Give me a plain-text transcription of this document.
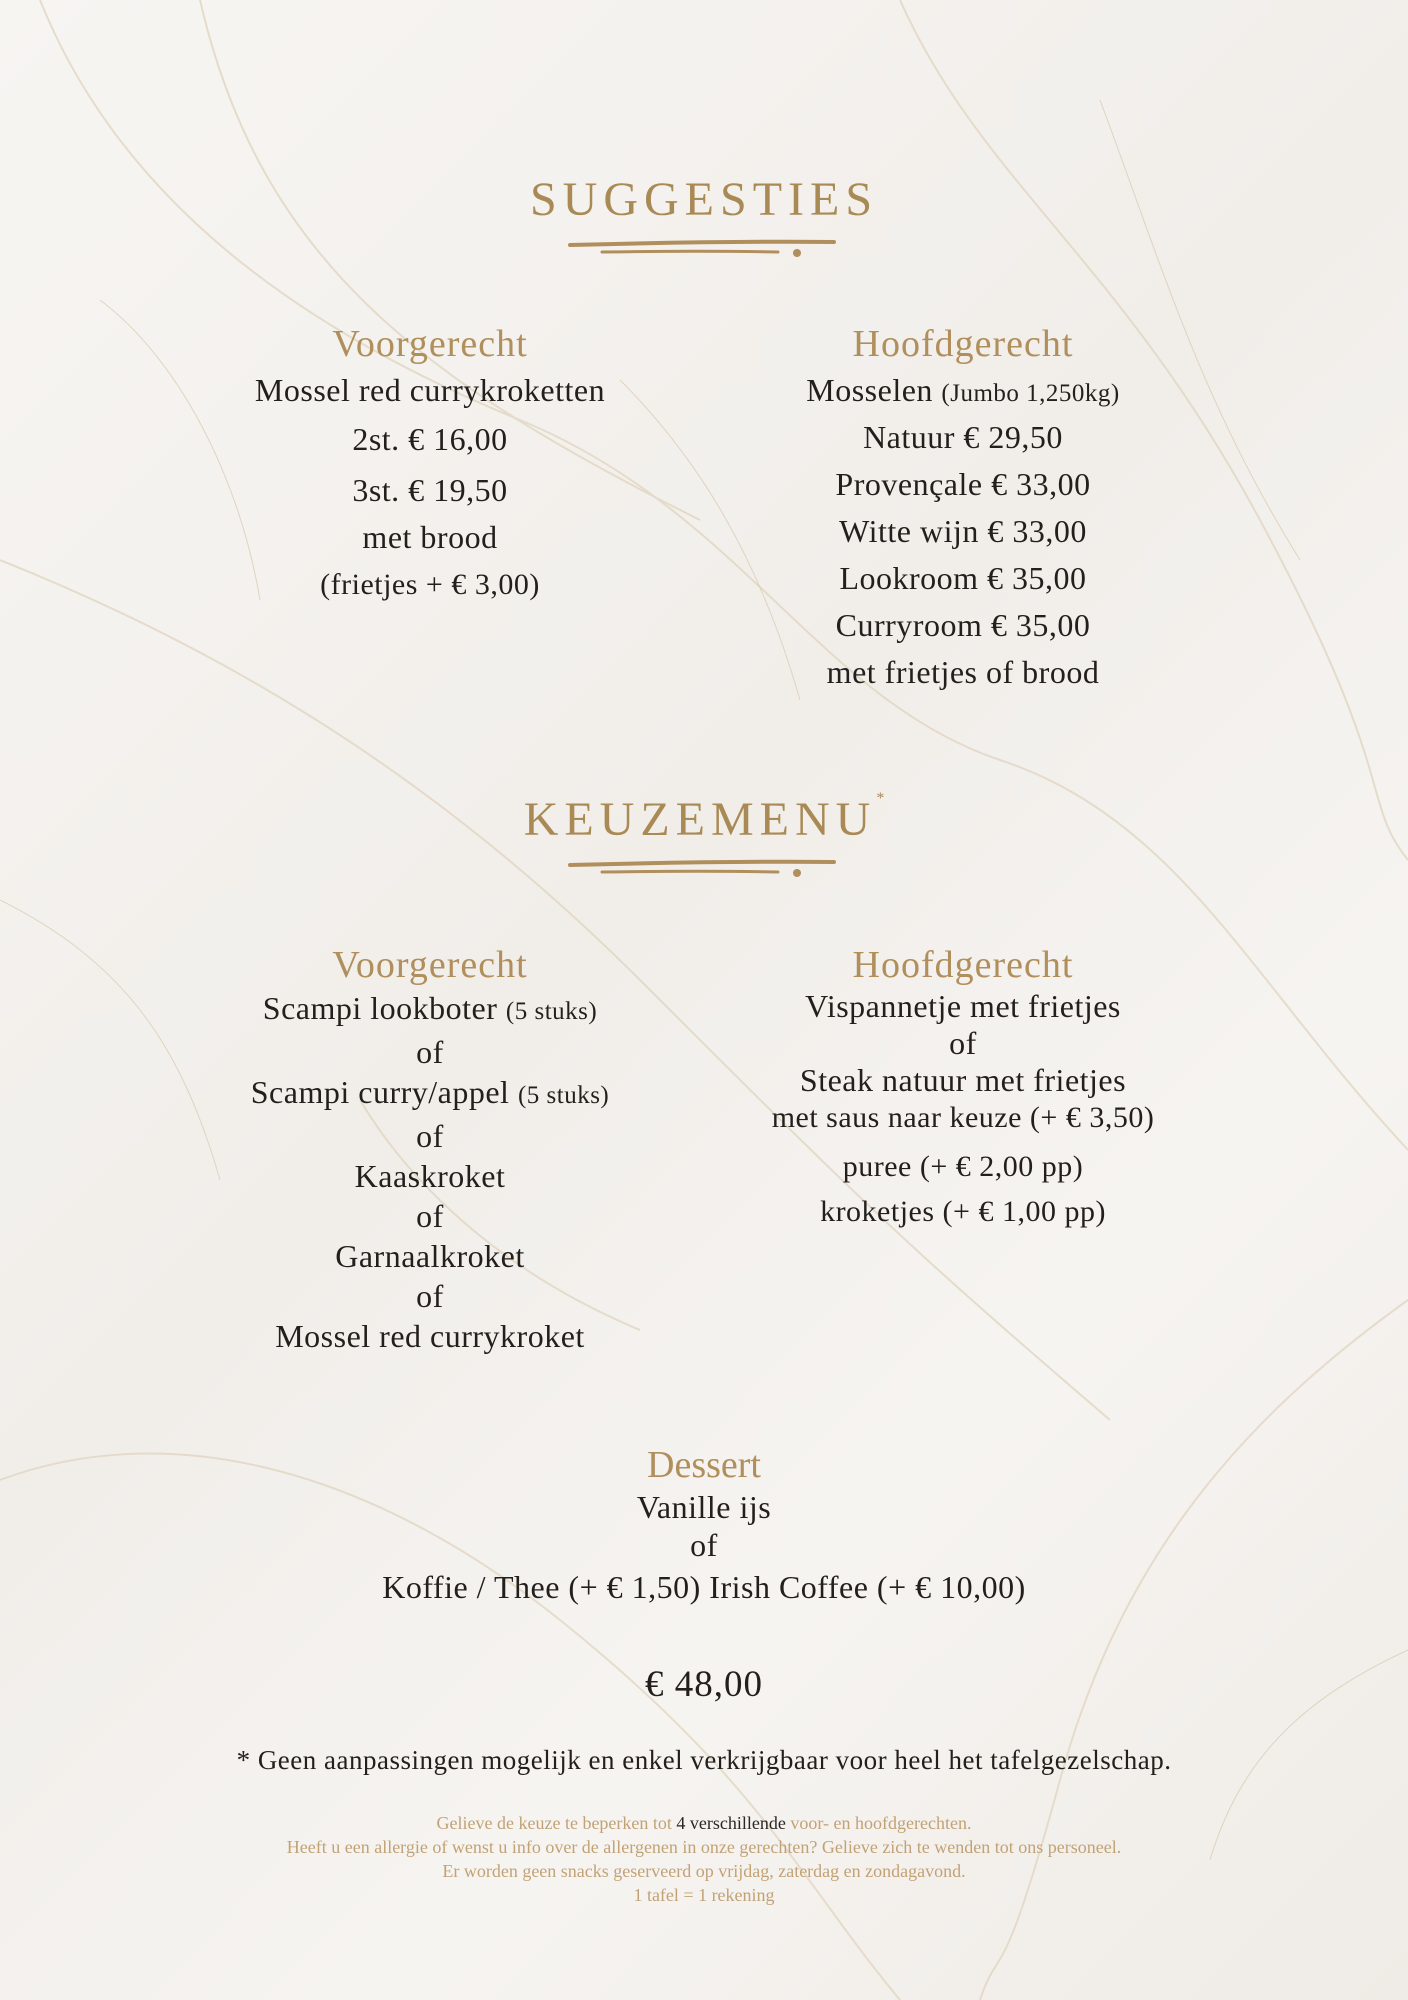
SUGGESTIES
Voorgerecht
Mossel red currykroketten
2st. € 16,00
3st. € 19,50
met brood
(frietjes + € 3,00)
Hoofdgerecht
Mosselen (Jumbo 1,250kg)
Natuur € 29,50
Provençale € 33,00
Witte wijn € 33,00
Lookroom € 35,00
Curryroom € 35,00
met frietjes of brood
KEUZEMENU*
Voorgerecht
Scampi lookboter (5 stuks)
of
Scampi curry/appel (5 stuks)
of
Kaaskroket
of
Garnaalkroket
of
Mossel red currykroket
Hoofdgerecht
Vispannetje met frietjes
of
Steak natuur met frietjes
met saus naar keuze (+ € 3,50)
puree (+ € 2,00 pp)
kroketjes (+ € 1,00 pp)
Dessert
Vanille ijs
of
Koffie / Thee (+ € 1,50) Irish Coffee (+ € 10,00)
€ 48,00
* Geen aanpassingen mogelijk en enkel verkrijgbaar voor heel het tafelgezelschap.
Gelieve de keuze te beperken tot 4 verschillende voor- en hoofdgerechten.
Heeft u een allergie of wenst u info over de allergenen in onze gerechten? Gelieve zich te wenden tot ons personeel.
Er worden geen snacks geserveerd op vrijdag, zaterdag en zondagavond.
1 tafel = 1 rekening
